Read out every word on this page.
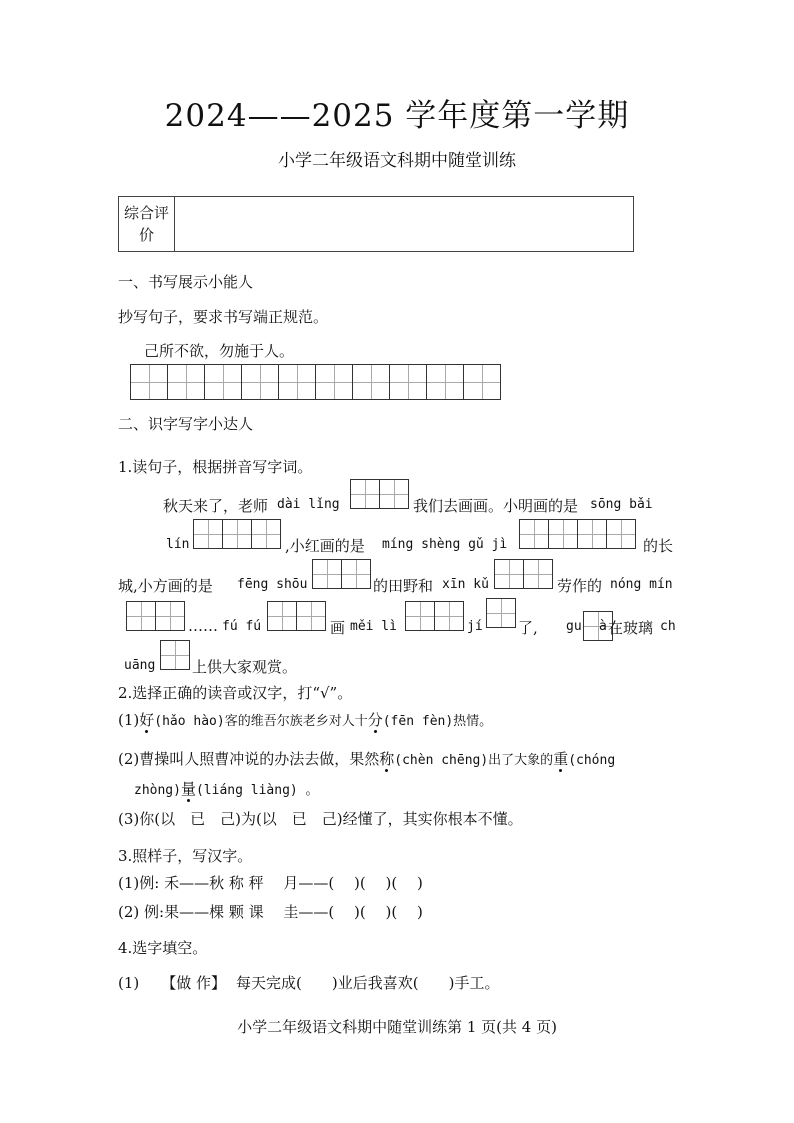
2024——2025 学年度第一学期
小学二年级语文科期中随堂训练
综合评价
一、书写展示小能人
抄写句子，要求书写端正规范。
己所不欲，勿施于人。
二、识字写字小达人
1.读句子，根据拼音写字词。
秋天来了，老师 dài lǐng	我们去画画。小明画的是 sōng bǎi
lín	,小红画的是 míng shèng gǔ jì	的长
城,小方画的是 fēng shōu	的田野和 xīn kǔ	劳作的 nóng mín
…… fú fú	画 měi lì	jí 了, gu à 在玻璃 ch
uāng 上供大家观赏。
2.选择正确的读音或汉字，打“√”。
(1)好(hǎo hào)客的维吾尔族老乡对人十分(fēn fèn)热情。
(2)曹操叫人照曹冲说的办法去做，果然称(chèn chēng)出了大象的重(chóng
zhòng)量(liáng liàng) 。
(3)你(以　已　己)为(以　已　己)经懂了，其实你根本不懂。
3.照样子，写汉字。
(1)例: 禾——秋 称 秤　 月——(　 )(　 )(　 )
(2) 例:果——棵 颗 课　 圭——(　 )(　 )(　 )
4.选字填空。
(1) 【做 作】 每天完成(　　)业后我喜欢(　　)手工。
小学二年级语文科期中随堂训练第 1 页(共 4 页)
